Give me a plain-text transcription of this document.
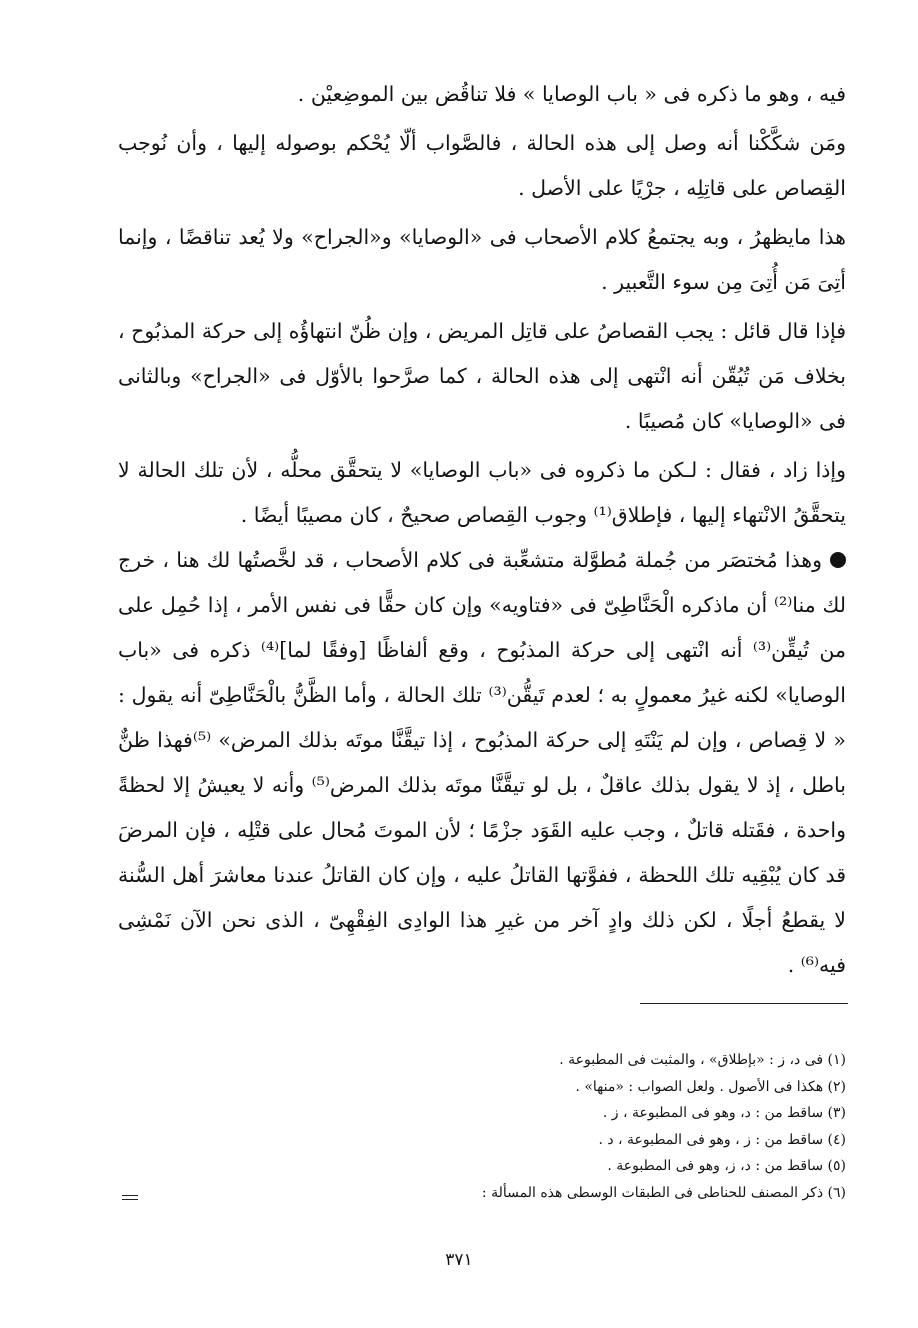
فيه ، وهو ما ذكره فى « باب الوصايا » فلا تناقُض بين الموضِعيْن .

ومَن شكَّكْنا أنه وصل إلى هذه الحالة ، فالصَّواب ألّا يُحْكم بوصوله إليها ، وأن نُوجب القِصاص على قاتِلِه ، جرْيًا على الأصل .

هذا مايظهرُ ، وبه يجتمعُ كلام الأصحاب فى «الوصايا» و«الجراح» ولا يُعد تناقضًا ، وإنما أتِىَ مَن أُتِىَ مِن سوء التَّعبير .

فإذا قال قائل : يجب القصاصُ على قاتِل المريض ، وإن ظُنّ انتهاؤُه إلى حركة المذبُوح ، بخلاف مَن تُيُقّن أنه انْتهى إلى هذه الحالة ، كما صرَّحوا بالأوّل فى «الجراح» وبالثانى فى «الوصايا» كان مُصيبًا .

وإذا زاد ، فقال : لـكن ما ذكروه فى «باب الوصايا» لا يتحقَّق محلُّه ، لأن تلك الحالة لا يتحقَّقُ الانْتهاء إليها ، فإطلاق⁽¹⁾ وجوب القِصاص صحيحٌ ، كان مصيبًا أيضًا .

وهذا مُختصَر من جُملة مُطوَّلة متشعِّبة فى كلام الأصحاب ، قد لخَّصتُها لك هنا ، خرج لك منا⁽²⁾ أن ماذكره الْحَنَّاطِىّ فى «فتاويه» وإن كان حقًّا فى نفس الأمر ، إذا حُمِل على من تُيقِّن⁽³⁾ أنه انْتهى إلى حركة المذبُوح ، وقع ألفاظًا [وفقًا لما]⁽⁴⁾ ذكره فى «باب الوصايا» لكنه غيرُ معمولٍ به ؛ لعدم تَيقُّن⁽³⁾ تلك الحالة ، وأما الظَّنُّ بالْحَنَّاطِىّ أنه يقول : « لا قِصاص ، وإن لم يَنْتَهِ إلى حركة المذبُوح ، إذا تيقَّنَّا موتَه بذلك المرض» ⁽⁵⁾فهذا ظنٌّ باطل ، إذ لا يقول بذلك عاقلٌ ، بل لو تيقَّنَّا موتَه بذلك المرض⁽⁵⁾ وأنه لا يعيشُ إلا لحظةً واحدة ، فقَتله قاتلٌ ، وجب عليه القَوَد جزْمًا ؛ لأن الموتَ مُحال على قتْلِه ، فإن المرضَ قد كان يُبْقِيه تلك اللحظة ، ففوَّتها القاتلُ عليه ، وإن كان القاتلُ عندنا معاشرَ أهل السُّنة لا يقطعُ أجلًا ، لكن ذلك وادٍ آخر من غيرِ هذا الوادِى الفِقْهِىّ ، الذى نحن الآن نَمْشِى فيه⁽⁶⁾ .

(١) فى د، ز : «بإطلاق» ، والمثبت فى المطبوعة .

(٢) هكذا فى الأصول . ولعل الصواب : «منها» .

(٣) ساقط من : د، وهو فى المطبوعة ، ز .

(٤) ساقط من : ز ، وهو فى المطبوعة ، د .

(٥) ساقط من : د، ز، وهو فى المطبوعة .

(٦) ذكر المصنف للحناطى فى الطبقات الوسطى هذه المسألة :

٣٧١
